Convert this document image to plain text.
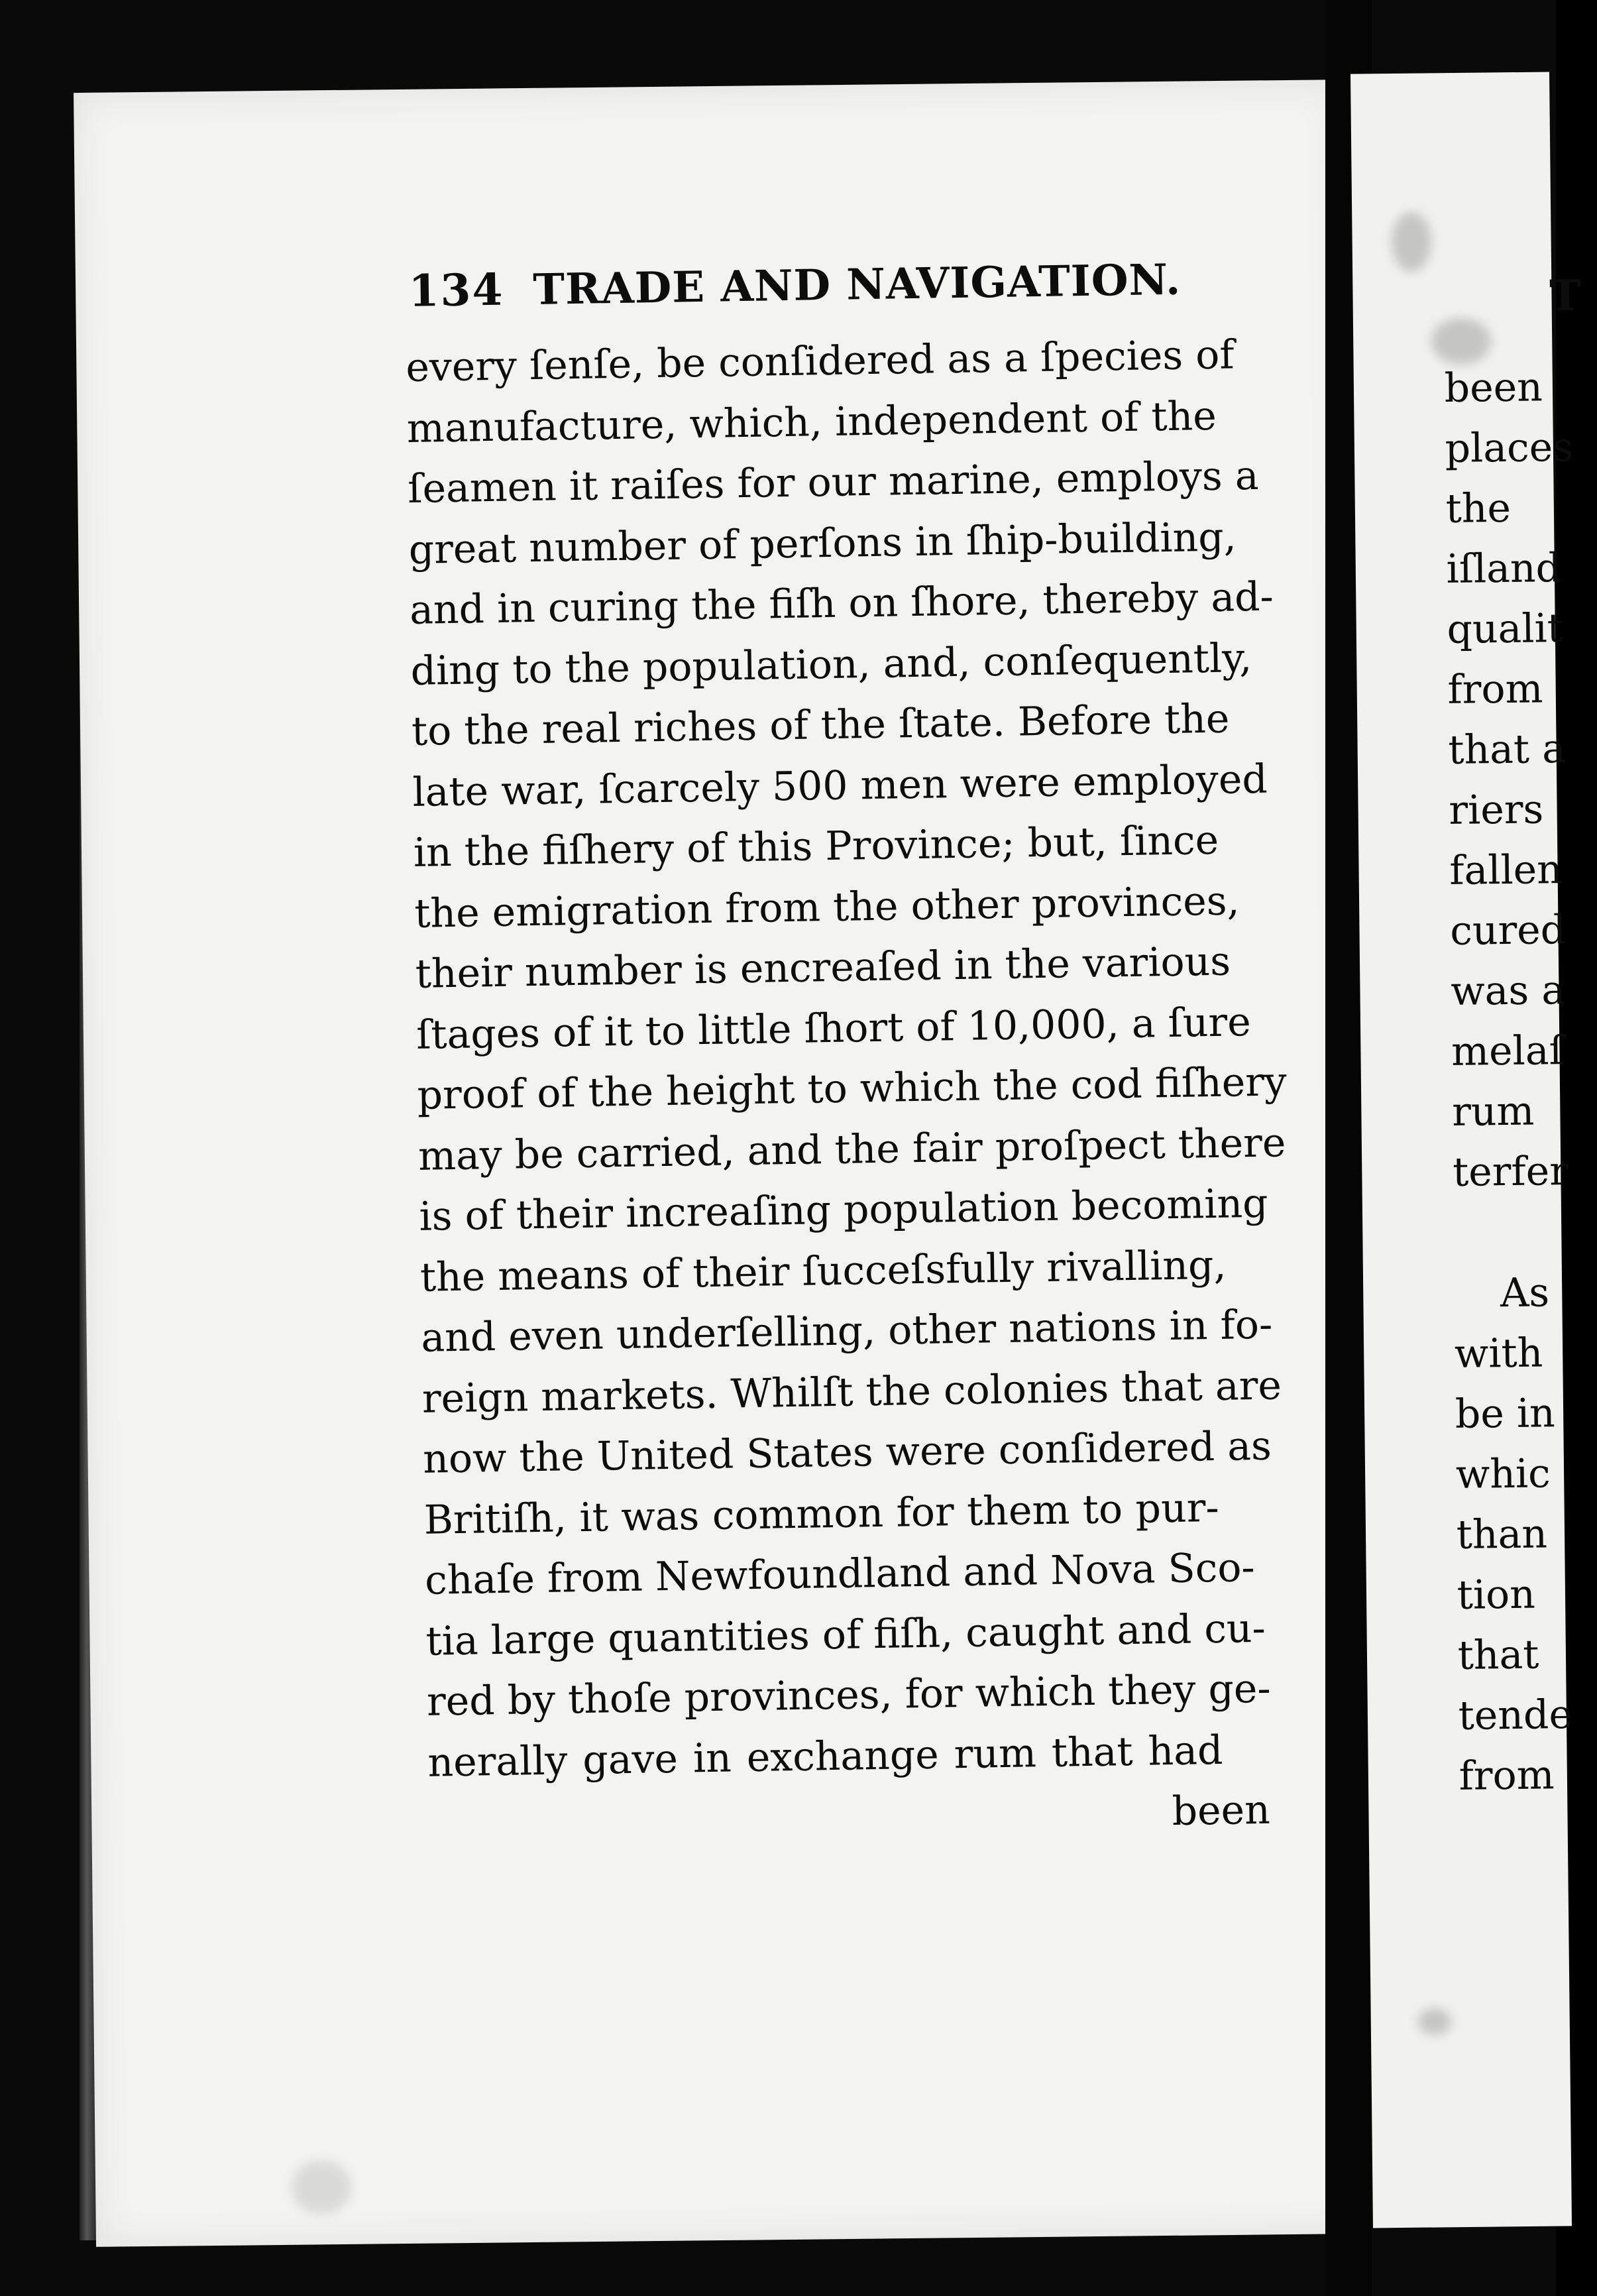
134 TRADE AND NAVIGATION.
every ſenſe, be conſidered as a ſpecies of
manufacture, which, independent of the
ſeamen it raiſes for our marine, employs a
great number of perſons in ſhip-building,
and in curing the fiſh on ſhore, thereby ad-
ding to the population, and, conſequently,
to the real riches of the ſtate. Before the
late war, ſcarcely 500 men were employed
in the fiſhery of this Province; but, ſince
the emigration from the other provinces,
their number is encreaſed in the various
ſtages of it to little ſhort of 10,000, a ſure
proof of the height to which the cod fiſhery
may be carried, and the fair proſpect there
is of their increaſing population becoming
the means of their ſucceſsfully rivalling,
and even underſelling, other nations in fo-
reign markets. Whilſt the colonies that are
now the United States were conſidered as
Britiſh, it was common for them to pur-
chaſe from Newfoundland and Nova Sco-
tia large quantities of fiſh, caught and cu-
red by thoſe provinces, for which they ge-
nerally gave in exchange rum that had
been
T
been
places
the
iſland
qualit
from
that a
riers
fallen
cured
was a
melaſ
rum
terfer
As
with
be in
whic
than
tion
that
tende
from
